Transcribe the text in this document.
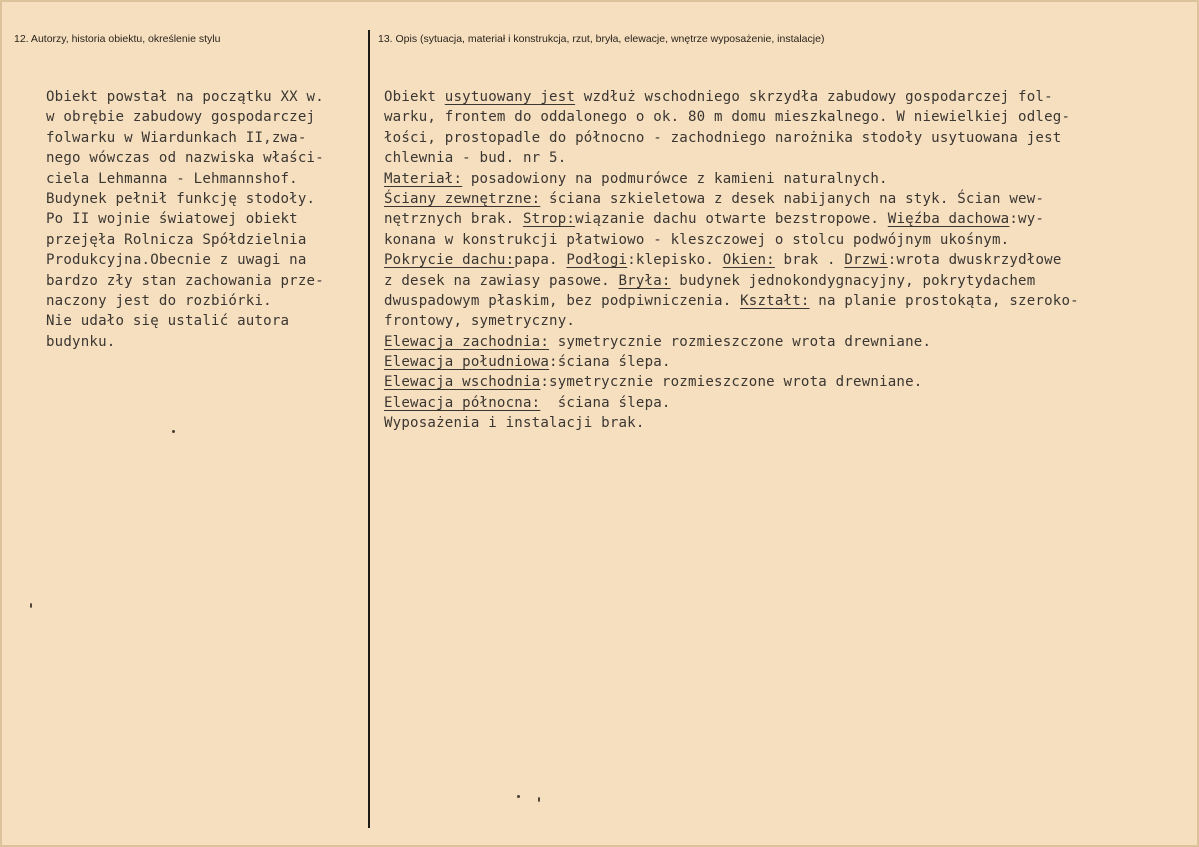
12. Autorzy, historia obiektu, określenie stylu	13. Opis (sytuacja, materiał i konstrukcja, rzut, bryła, elewacje, wnętrze wyposażenie, instalacje)
Obiekt powstał na początku XX w.
w obrębie zabudowy gospodarczej
folwarku w Wiardunkach II,zwa-
nego wówczas od nazwiska właści-
ciela Lehmanna - Lehmannshof.
Budynek pełnił funkcję stodoły.
Po II wojnie światowej obiekt
przejęła Rolnicza Spółdzielnia
Produkcyjna.Obecnie z uwagi na
bardzo zły stan zachowania prze-
naczony jest do rozbiórki.
Nie udało się ustalić autora
budynku.
Obiekt usytuowany jest wzdłuż wschodniego skrzydła zabudowy gospodarczej fol-
warku, frontem do oddalonego o ok. 80 m domu mieszkalnego. W niewielkiej odleg-
łości, prostopadle do północno - zachodniego narożnika stodoły usytuowana jest
chlewnia - bud. nr 5.
Materiał: posadowiony na podmurówce z kamieni naturalnych.
Ściany zewnętrzne: ściana szkieletowa z desek nabijanych na styk. Ścian wew-
nętrznych brak. Strop:wiązanie dachu otwarte bezstropowe. Więźba dachowa:wy-
konana w konstrukcji płatwiowo - kleszczowej o stolcu podwójnym ukośnym.
Pokrycie dachu:papa. Podłogi:klepisko. Okien: brak . Drzwi:wrota dwuskrzydłowe
z desek na zawiasy pasowe. Bryła: budynek jednokondygnacyjny, pokrytydachem
dwuspadowym płaskim, bez podpiwniczenia. Kształt: na planie prostokąta, szeroko-
frontowy, symetryczny.
Elewacja zachodnia: symetrycznie rozmieszczone wrota drewniane.
Elewacja południowa:ściana ślepa.
Elewacja wschodnia:symetrycznie rozmieszczone wrota drewniane.
Elewacja północna:  ściana ślepa.
Wyposażenia i instalacji brak.
